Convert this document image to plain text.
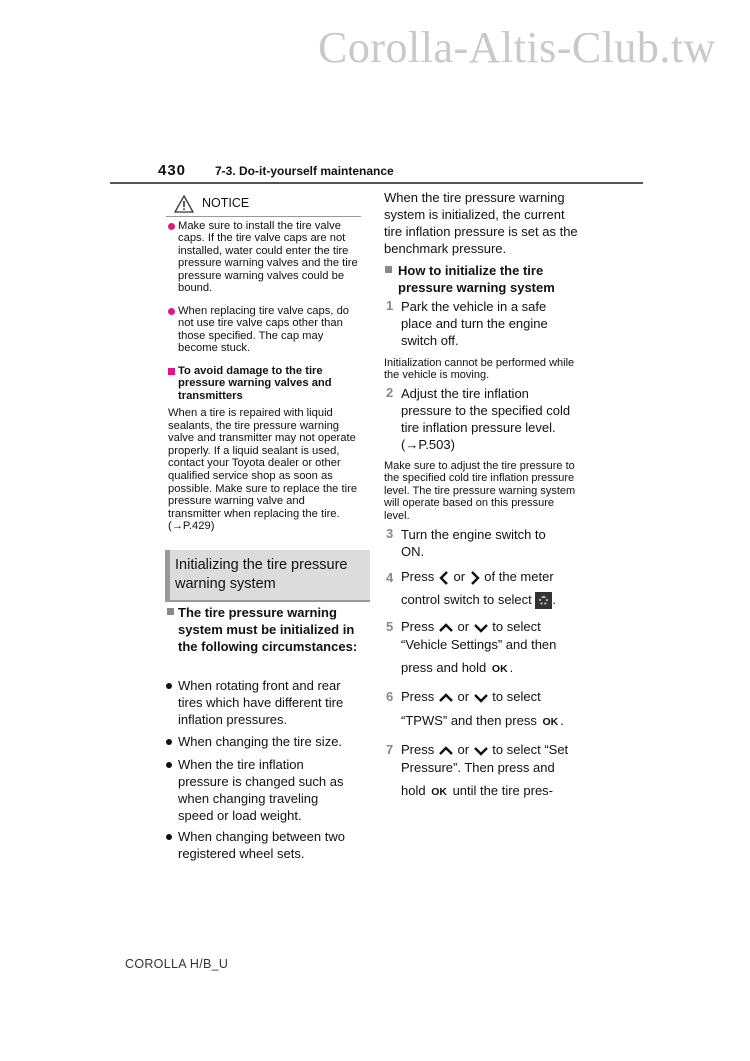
Corolla-Altis-Club.tw
430 7-3. Do-it-yourself maintenance
NOTICE
Make sure to install the tire valve caps. If the tire valve caps are not installed, water could enter the tire pressure warning valves and the tire pressure warning valves could be bound.
When replacing tire valve caps, do not use tire valve caps other than those specified. The cap may become stuck.
To avoid damage to the tire pressure warning valves and transmitters
When a tire is repaired with liquid sealants, the tire pressure warning valve and transmitter may not operate properly. If a liquid sealant is used, contact your Toyota dealer or other qualified service shop as soon as possible. Make sure to replace the tire pressure warning valve and transmitter when replacing the tire. (→P.429)
Initializing the tire pressure warning system
The tire pressure warning system must be initialized in the following circumstances:
When rotating front and rear tires which have different tire inflation pressures.
When changing the tire size.
When the tire inflation pressure is changed such as when changing traveling speed or load weight.
When changing between two registered wheel sets.
When the tire pressure warning system is initialized, the current tire inflation pressure is set as the benchmark pressure.
How to initialize the tire pressure warning system
1 Park the vehicle in a safe place and turn the engine switch off.
Initialization cannot be performed while the vehicle is moving.
2 Adjust the tire inflation pressure to the specified cold tire inflation pressure level. (→P.503)
Make sure to adjust the tire pressure to the specified cold tire inflation pressure level. The tire pressure warning system will operate based on this pressure level.
3 Turn the engine switch to ON.
4 Press or of the meter
control switch to select .
5 Press or to select
“Vehicle Settings” and then
press and hold OK .
6 Press or to select
“TPWS” and then press OK .
7 Press or to select “Set
Pressure”. Then press and
hold OK until the tire pres-
COROLLA H/B_U
